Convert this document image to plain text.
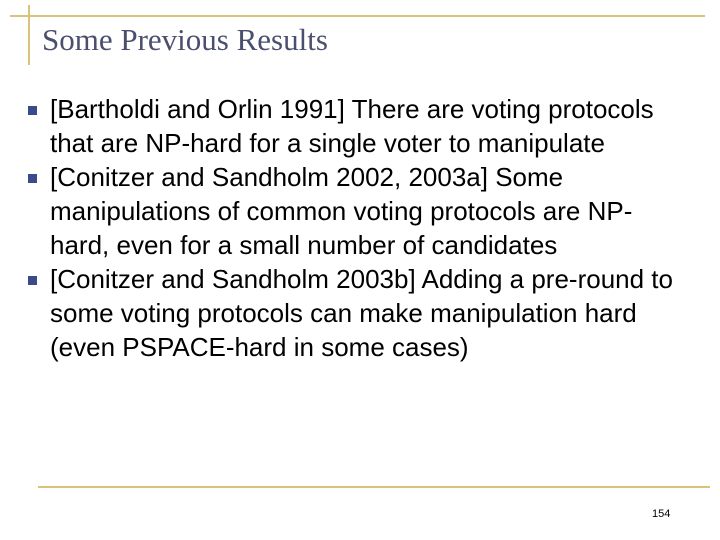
Some Previous Results
[Bartholdi and Orlin 1991] There are voting protocols that are NP-hard for a single voter to manipulate
[Conitzer and Sandholm 2002, 2003a] Some manipulations of common voting protocols are NP-hard, even for a small number of candidates
[Conitzer and Sandholm 2003b] Adding a pre-round to some voting protocols can make manipulation hard (even PSPACE-hard in some cases)
154
